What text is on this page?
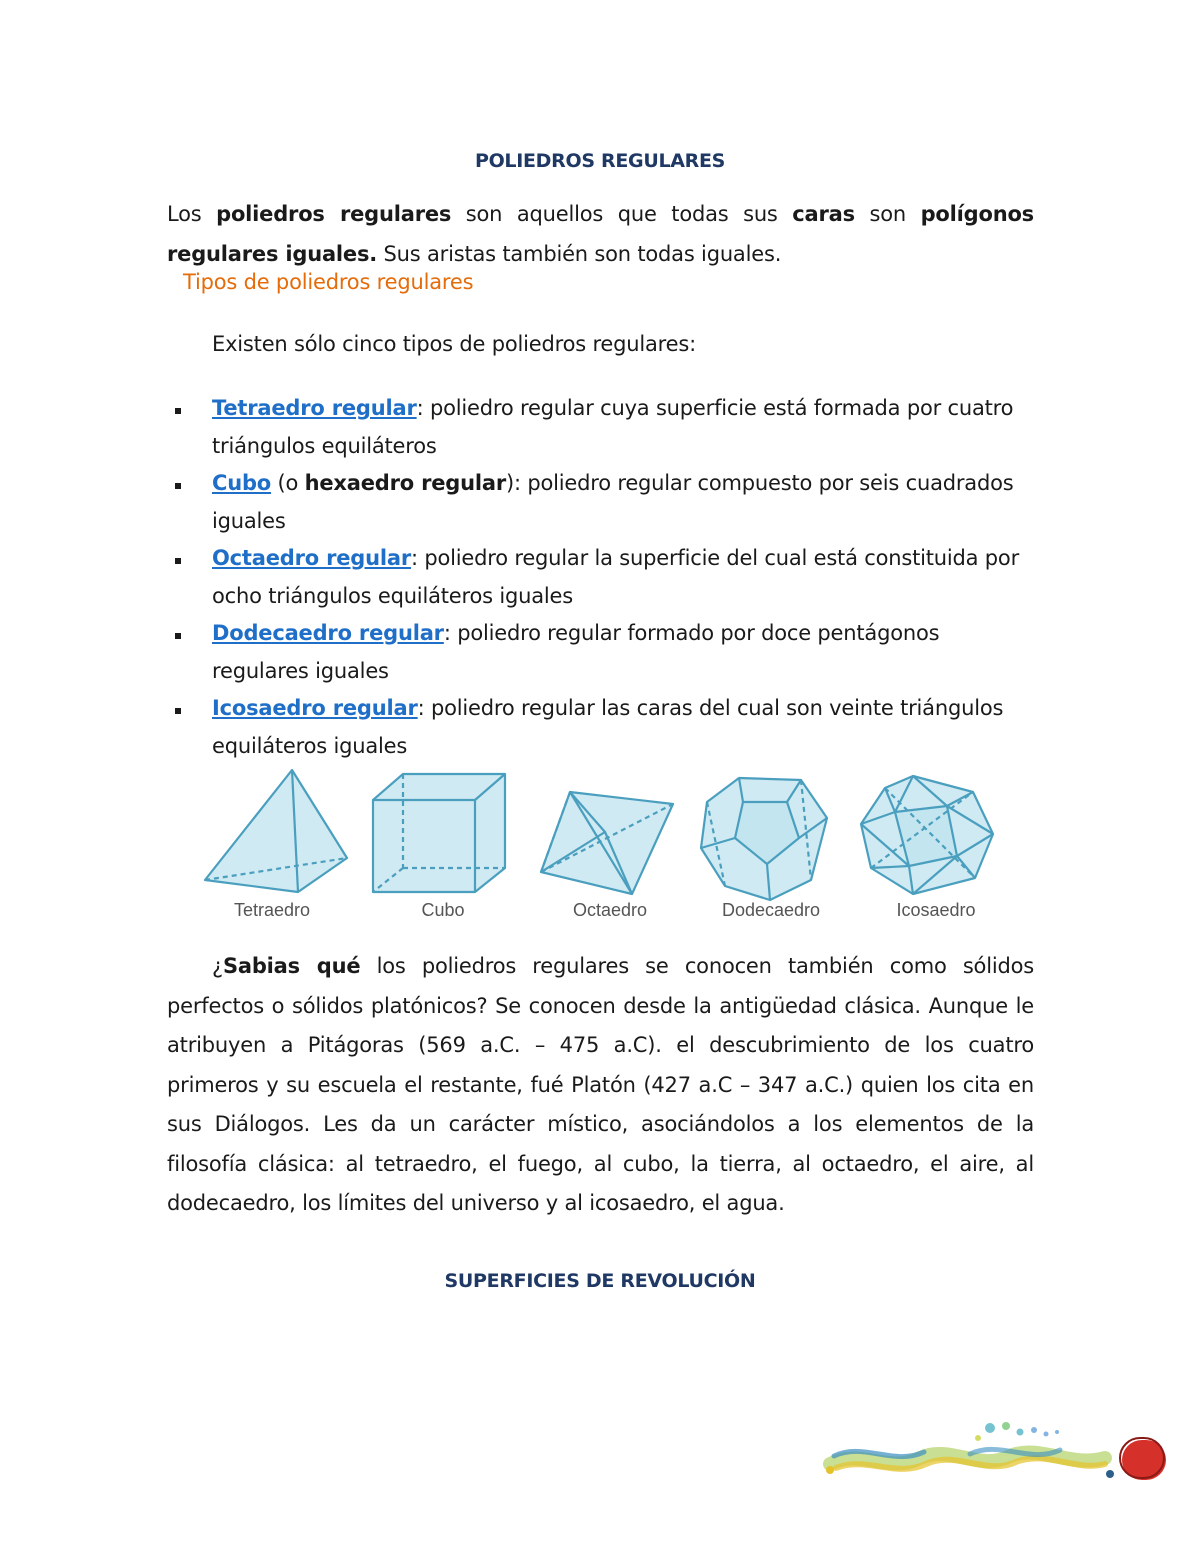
POLIEDROS REGULARES

Los poliedros regulares son aquellos que todas sus caras son polígonos regulares iguales. Sus aristas también son todas iguales.

Tipos de poliedros regulares
Existen sólo cinco tipos de poliedros regulares:
Tetraedro regular: poliedro regular cuya superficie está formada por cuatro triángulos equiláteros
Cubo (o hexaedro regular): poliedro regular compuesto por seis cuadrados iguales
Octaedro regular: poliedro regular la superficie del cual está constituida por ocho triángulos equiláteros iguales
Dodecaedro regular: poliedro regular formado por doce pentágonos regulares iguales
Icosaedro regular: poliedro regular las caras del cual son veinte triángulos equiláteros iguales
Tetraedro	Cubo	Octaedro	Dodecaedro	Icosaedro

¿Sabias qué los poliedros regulares se conocen también como sólidos perfectos o sólidos platónicos? Se conocen desde la antigüedad clásica. Aunque le atribuyen a Pitágoras (569 a.C. – 475 a.C). el descubrimiento de los cuatro primeros y su escuela el restante, fué Platón (427 a.C – 347 a.C.) quien los cita en sus Diálogos. Les da un carácter místico, asociándolos a los elementos de la filosofía clásica: al tetraedro, el fuego, al cubo, la tierra, al octaedro, el aire, al dodecaedro, los límites del universo y al icosaedro, el agua.

SUPERFICIES DE REVOLUCIÓN
